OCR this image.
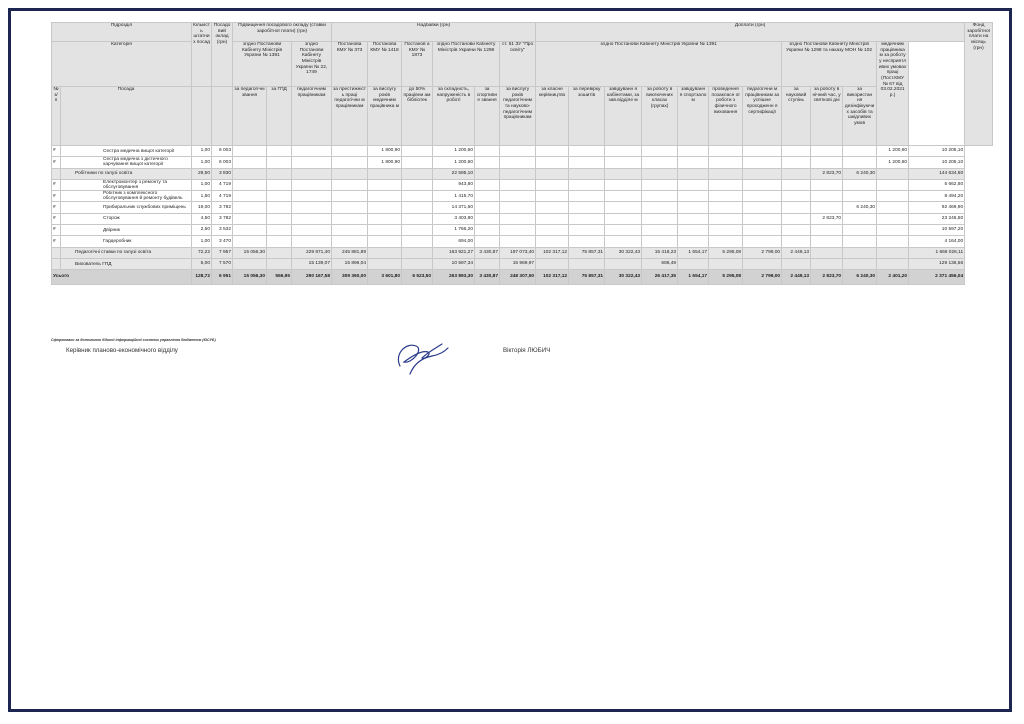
Підрозділ		Кількість штатних посад	Посадо вий оклад (грн)	Підвищення посадового окладу (ставки заробітної плати) (грн)			Надбавки (грн)						Доплати (грн)												Фонд заробітної плати на місяць (грн)
Категорія				згідно Постанови Кабінету Міністрів України № 1391		згідно Постанови Кабінету Міністрів України № 22, 1749	Постанова КМУ № 373	Постанова КМУ № 1418	Постанов а КМУ № 1873	згідно Постанови Кабінету Міністрів України № 1298		ст. 61 ЗУ "Про освіту"	згідно Постанови Кабінету Міністрів України № 1391							згідно Постанови Кабінету Міністрів України № 1298 та наказу МОН № 102			медичним працівника м за роботу у несприятл ивих умовах праці (Пост.КМУ № 67 від 03.02.2021 р.)		
№ з/п	Посада			за педагогічні звання	за ГПД	педагогічним працівникам	за престижніст ь праці педагогічни м працівникам	за вислугу років медичним працівника м	до 50% працівни ам бібліотек	за складність, напруженість в роботі	за спортивне звання	за вислугу років педагогічним та науково-педагогічним працівникам	за класне керівництво	за перевірку зошитів	завідуванн я кабінетами, за зав.відділе м	за роботу в виключених класах (групах)	завідуванн я спортзало м	проведення позакласн ої роботи з фізичного виховання	педагогічни м працівникам за успішне проходженн я сертифікації	за науковий ступінь	за роботу в нічний час, у святкові дні	за використан ня дезінфікуючих засобів та шкідливих умов			
#	Сестра медична вищої категорії	1,00	6 003					1 800,90		1 200,60													1 200,60	10 205,10	
#	Сестра медична з дієтичного харчування вищої категорії	1,00	6 003					1 800,90		1 200,60													1 200,60	10 205,10	
	Робітники по галузі освіта	29,50	3 830							22 595,10											2 823,70	6 240,30		144 634,60	
#	Електромонтер з ремонту та обслуговування	1,00	4 719							943,80														5 662,80	
#	Робітник з комплексного обслуговування й ремонту будівель	1,50	4 719							1 415,70														8 494,20	
#	Прибиральник службових приміщень	19,00	3 782							14 371,60												6 240,30		92 469,90	
#	Сторож	4,50	3 782							3 403,80											2 823,70			23 246,50	
#	Двірник	2,50	3 532							1 766,20														10 597,20	
#	Гардеробник	1,00	3 470							694,00														4 164,00	
	Педагогічні ставки по галузі освіта	72,22	7 957	15 056,30		229 871,40	245 881,89			163 921,27	3 430,87	197 073,40	102 317,12	75 857,31	30 322,43	15 418,23	1 654,17	5 295,08	2 799,00	2 449,13				1 666 026,11	
	Вихователь ГПД	5,00	7 570			15 139,07	15 896,04			10 597,34		15 969,97				686,49								129 136,56	
Усього		128,72	6 951	15 056,30	556,95	290 167,58	309 360,00	3 601,80	6 523,50	263 893,30	3 430,87	248 307,50	102 317,12	75 857,31	30 322,43	26 417,35	1 654,17	5 295,08	2 799,00	2 449,13	2 823,70	6 240,30	2 401,20	2 371 456,04	
Сформовано за допомогою Єдиної інформаційної системи управління бюджетом (ЄІСУБ)
Керівник планово-економічного відділу	Вікторія ЛЮБИЧ
